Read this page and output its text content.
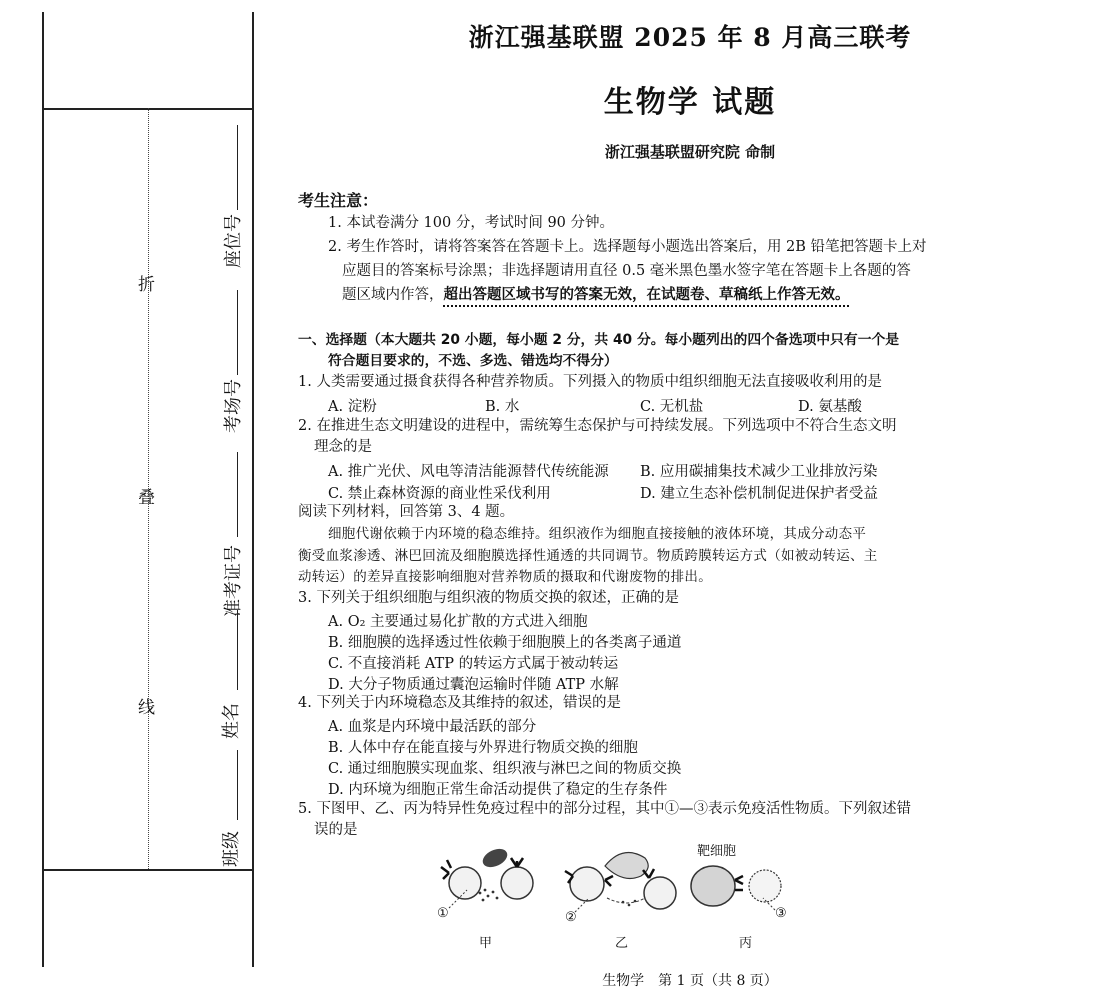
折
叠
线
座位号
考场号
准考证号
姓名
班级
浙江强基联盟 2025 年 8 月高三联考
生物学 试题
浙江强基联盟研究院 命制
考生注意：
1. 本试卷满分 100 分，考试时间 90 分钟。
2. 考生作答时，请将答案答在答题卡上。选择题每小题选出答案后，用 2B 铅笔把答题卡上对
应题目的答案标号涂黑；非选择题请用直径 0.5 毫米黑色墨水签字笔在答题卡上各题的答
题区域内作答，超出答题区域书写的答案无效，在试题卷、草稿纸上作答无效。
一、选择题（本大题共 20 小题，每小题 2 分，共 40 分。每小题列出的四个备选项中只有一个是
符合题目要求的，不选、多选、错选均不得分）
1. 人类需要通过摄食获得各种营养物质。下列摄入的物质中组织细胞无法直接吸收利用的是
A. 淀粉	B. 水	C. 无机盐	D. 氨基酸
2. 在推进生态文明建设的进程中，需统筹生态保护与可持续发展。下列选项中不符合生态文明
理念的是
A. 推广光伏、风电等清洁能源替代传统能源 B. 应用碳捕集技术减少工业排放污染
C. 禁止森林资源的商业性采伐利用	D. 建立生态补偿机制促进保护者受益
阅读下列材料，回答第 3、4 题。
细胞代谢依赖于内环境的稳态维持。组织液作为细胞直接接触的液体环境，其成分动态平
衡受血浆渗透、淋巴回流及细胞膜选择性通透的共同调节。物质跨膜转运方式（如被动转运、主
动转运）的差异直接影响细胞对营养物质的摄取和代谢废物的排出。
3. 下列关于组织细胞与组织液的物质交换的叙述，正确的是
A. O₂ 主要通过易化扩散的方式进入细胞
B. 细胞膜的选择透过性依赖于细胞膜上的各类离子通道
C. 不直接消耗 ATP 的转运方式属于被动转运
D. 大分子物质通过囊泡运输时伴随 ATP 水解
4. 下列关于内环境稳态及其维持的叙述，错误的是
A. 血浆是内环境中最活跃的部分
B. 人体中存在能直接与外界进行物质交换的细胞
C. 通过细胞膜实现血浆、组织液与淋巴之间的物质交换
D. 内环境为细胞正常生命活动提供了稳定的生存条件
5. 下图甲、乙、丙为特异性免疫过程中的部分过程，其中①—③表示免疫活性物质。下列叙述错
误的是
靶细胞
①	②	③
甲	乙	丙
生物学　第 1 页（共 8 页）
